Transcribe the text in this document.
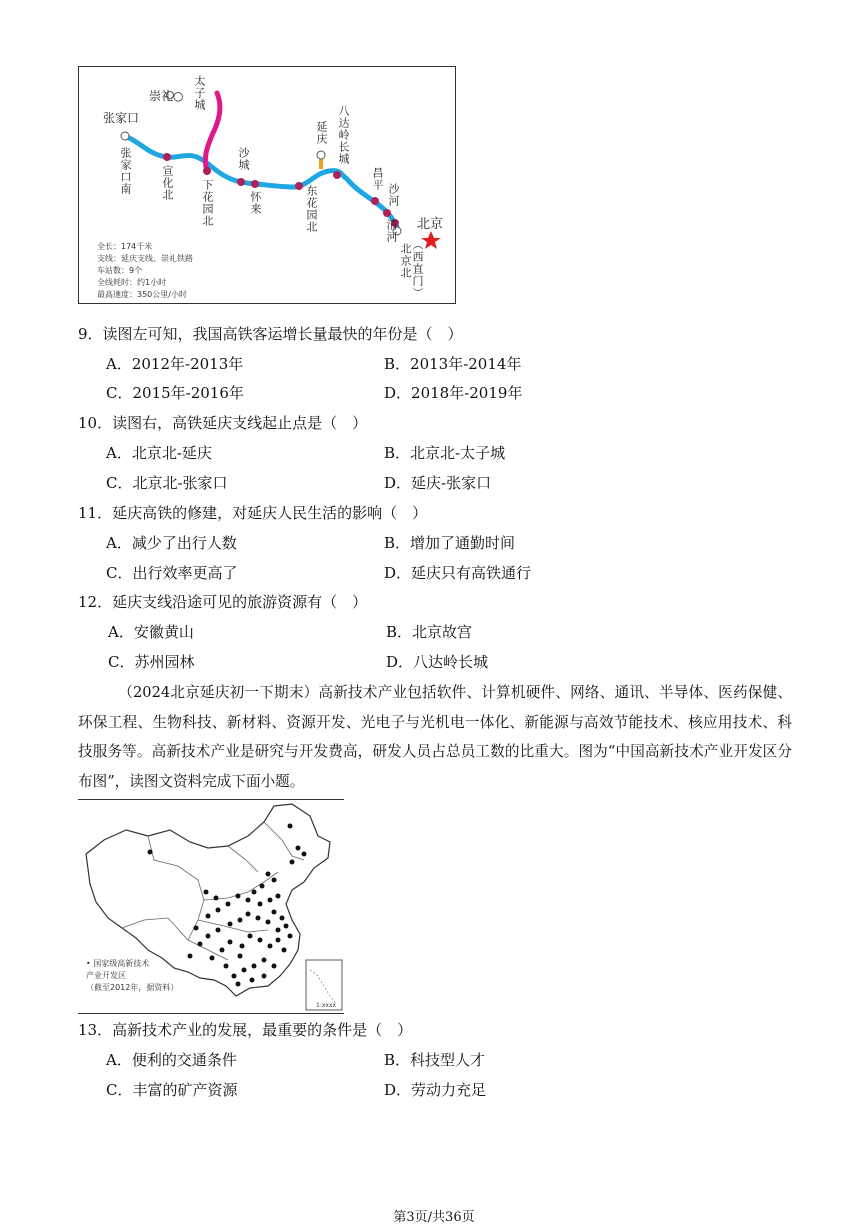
崇礼○ 太子城
张家口
张家口南	宣化北 下花园北
沙城
怀来	东花园北
延庆 八达岭长城
昌平
沙河
清河
北京北 （西直门）
北京
全长：174千米
支线：延庆支线、崇礼铁路
车站数：9个
全线耗时：约1小时
最高速度：350公里/小时
9．读图左可知，我国高铁客运增长量最快的年份是（　）
A．2012年-2013年	B．2013年-2014年
C．2015年-2016年	D．2018年-2019年
10．读图右，高铁延庆支线起止点是（　）
A．北京北-延庆	B．北京北-太子城
C．北京北-张家口	D．延庆-张家口
11．延庆高铁的修建，对延庆人民生活的影响（　）
A．减少了出行人数	B．增加了通勤时间
C．出行效率更高了	D．延庆只有高铁通行
12．延庆支线沿途可见的旅游资源有（　）
A．安徽黄山	B．北京故宫
C．苏州园林	D．八达岭长城
（2024北京延庆初一下期末）高新技术产业包括软件、计算机硬件、网络、通讯、半导体、医药保健、环保工程、生物科技、新材料、资源开发、光电子与光机电一体化、新能源与高效节能技术、核应用技术、科技服务等。高新技术产业是研究与开发费高，研发人员占总员工数的比重大。图为“中国高新技术产业开发区分布图”，读图文资料完成下面小题。
• 国家级高新技术
产业开发区
（截至2012年，据资料）
1:xxxx
13．高新技术产业的发展，最重要的条件是（　）
A．便利的交通条件	B．科技型人才
C．丰富的矿产资源	D．劳动力充足
第3页/共36页
